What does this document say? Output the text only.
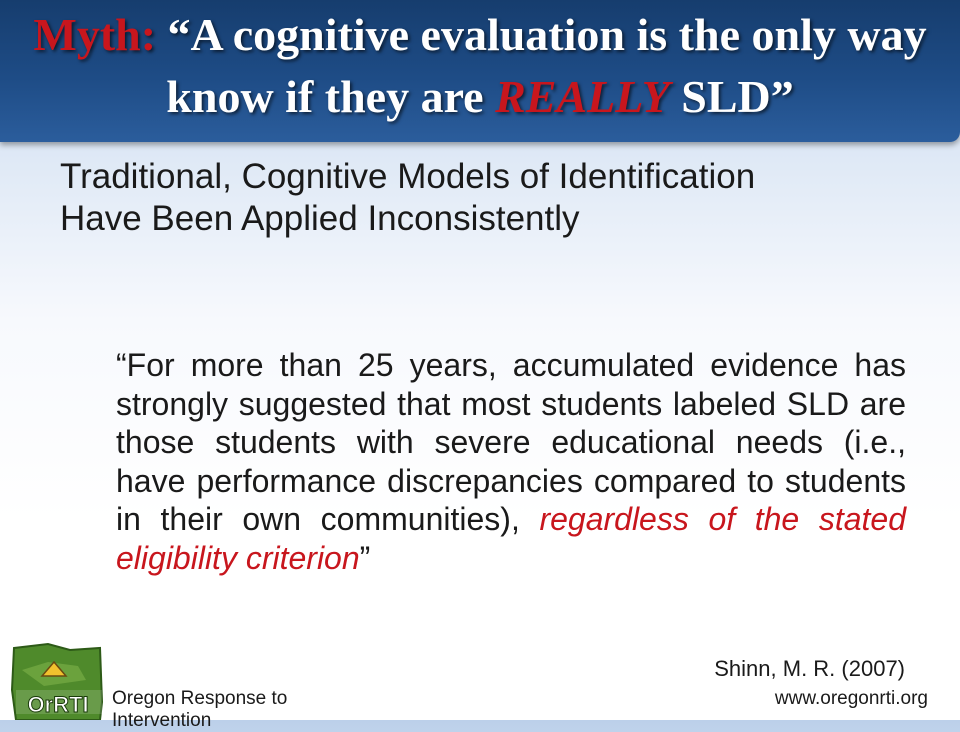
Myth: “A cognitive evaluation is the only way know if they are REALLY SLD”
Traditional, Cognitive Models of Identification Have Been Applied Inconsistently
“For more than 25 years, accumulated evidence has strongly suggested that most students labeled SLD are those students with severe educational needs (i.e., have performance discrepancies compared to students in their own communities), regardless of the stated eligibility criterion”
Shinn, M. R. (2007)
OrRTI Oregon Response to
Intervention
www.oregonrti.org
